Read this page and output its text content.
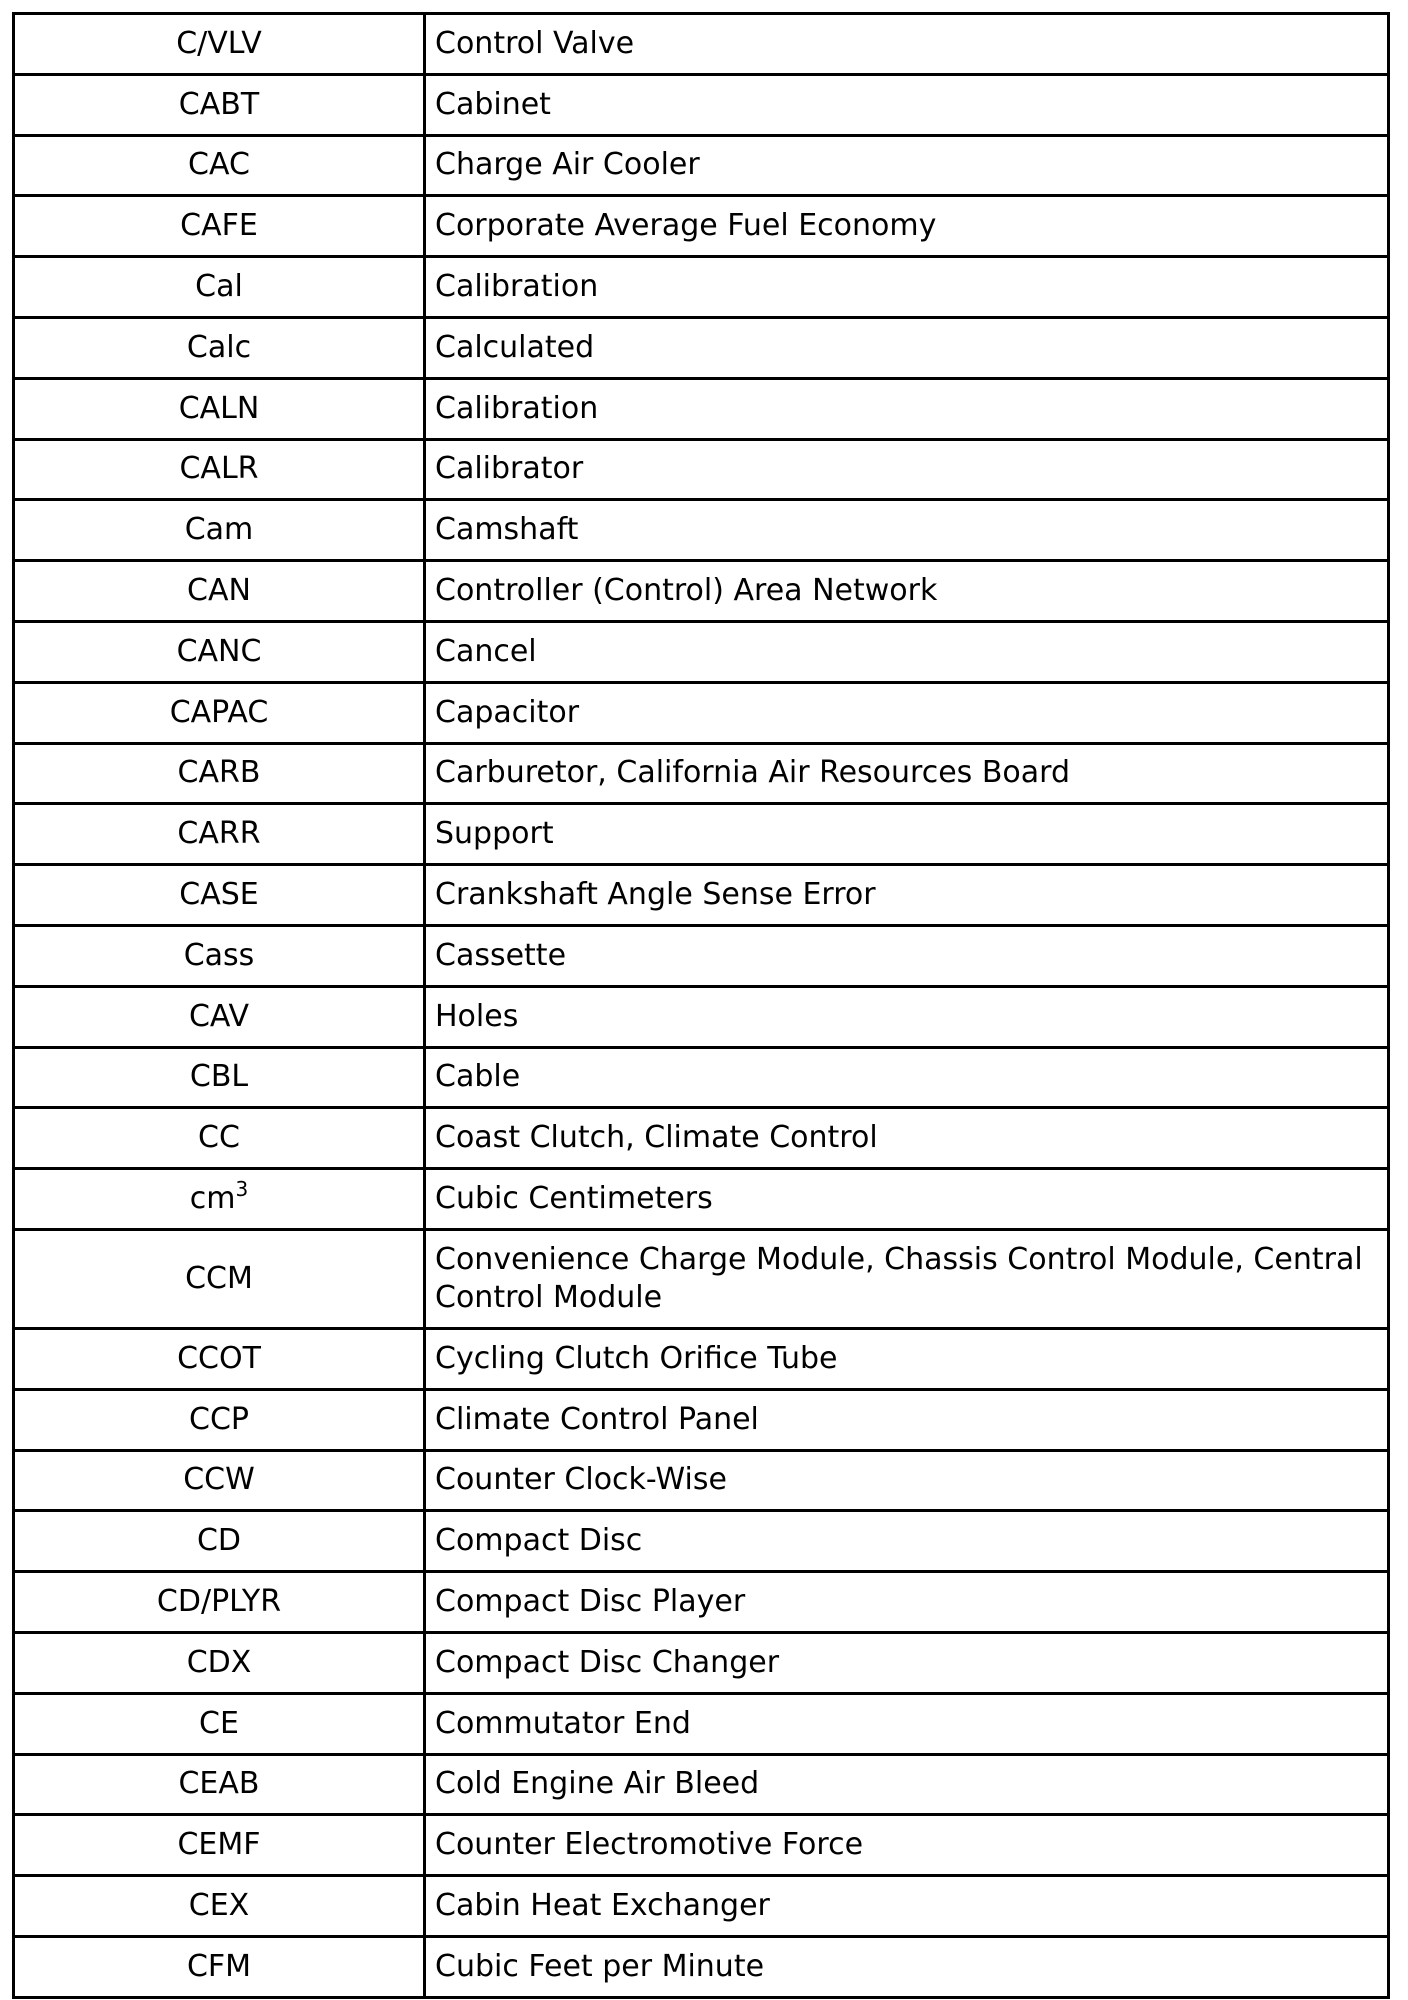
C/VLV	Control Valve
CABT	Cabinet
CAC	Charge Air Cooler
CAFE	Corporate Average Fuel Economy
Cal	Calibration
Calc	Calculated
CALN	Calibration
CALR	Calibrator
Cam	Camshaft
CAN	Controller (Control) Area Network
CANC	Cancel
CAPAC	Capacitor
CARB	Carburetor, California Air Resources Board
CARR	Support
CASE	Crankshaft Angle Sense Error
Cass	Cassette
CAV	Holes
CBL	Cable
CC	Coast Clutch, Climate Control
$cm^3$	Cubic Centimeters
CCM	Convenience Charge Module, Chassis Control Module, Central Control Module
CCOT	Cycling Clutch Orifice Tube
CCP	Climate Control Panel
CCW	Counter Clock-Wise
CD	Compact Disc
CD/PLYR	Compact Disc Player
CDX	Compact Disc Changer
CE	Commutator End
CEAB	Cold Engine Air Bleed
CEMF	Counter Electromotive Force
CEX	Cabin Heat Exchanger
CFM	Cubic Feet per Minute
